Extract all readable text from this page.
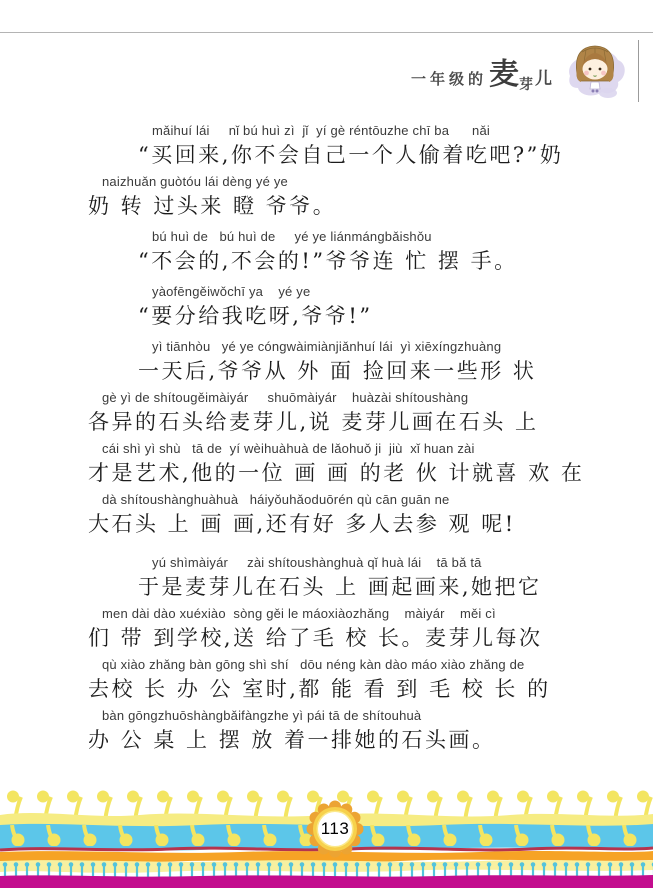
一年级的 麦 芽 儿
mǎihuí lái     nǐ bú huì zì  jǐ  yí gè réntōuzhe chī ba      nǎi
“买回来,你不会自己一个人偷着吃吧?”奶
naizhuǎn guòtóu lái dèng yé ye
奶 转 过头来 瞪 爷爷。
bú huì de   bú huì de     yé ye liánmángbǎishǒu
“不会的,不会的!”爷爷连 忙 摆 手。
yàofēngěiwǒchī ya    yé ye
“要分给我吃呀,爷爷!”
yì tiānhòu   yé ye cóngwàimiànjiǎnhuí lái  yì xiēxíngzhuàng
一天后,爷爷从 外 面 捡回来一些形 状
gè yì de shítougěimàiyár     shuōmàiyár    huàzài shítoushàng
各异的石头给麦芽儿,说 麦芽儿画在石头 上
cái shì yì shù   tā de  yí wèihuàhuà de lǎohuǒ ji  jiù  xǐ huan zài
才是艺术,他的一位 画 画 的老 伙 计就喜 欢 在
dà shítoushànghuàhuà   háiyǒuhǎoduōrén qù cān guān ne
大石头 上 画 画,还有好 多人去参 观 呢!
yú shìmàiyár     zài shítoushànghuà qǐ huà lái    tā bǎ tā
于是麦芽儿在石头 上 画起画来,她把它
men dài dào xuéxiào  sòng gěi le máoxiàozhǎng    màiyár    měi cì
们 带 到学校,送 给了毛 校 长。麦芽儿每次
qù xiào zhǎng bàn gōng shì shí   dōu néng kàn dào máo xiào zhǎng de
去校 长 办 公 室时,都 能 看 到 毛 校 长 的
bàn gōngzhuōshàngbǎifàngzhe yì pái tā de shítouhuà
办 公 桌 上 摆 放 着一排她的石头画。
113
